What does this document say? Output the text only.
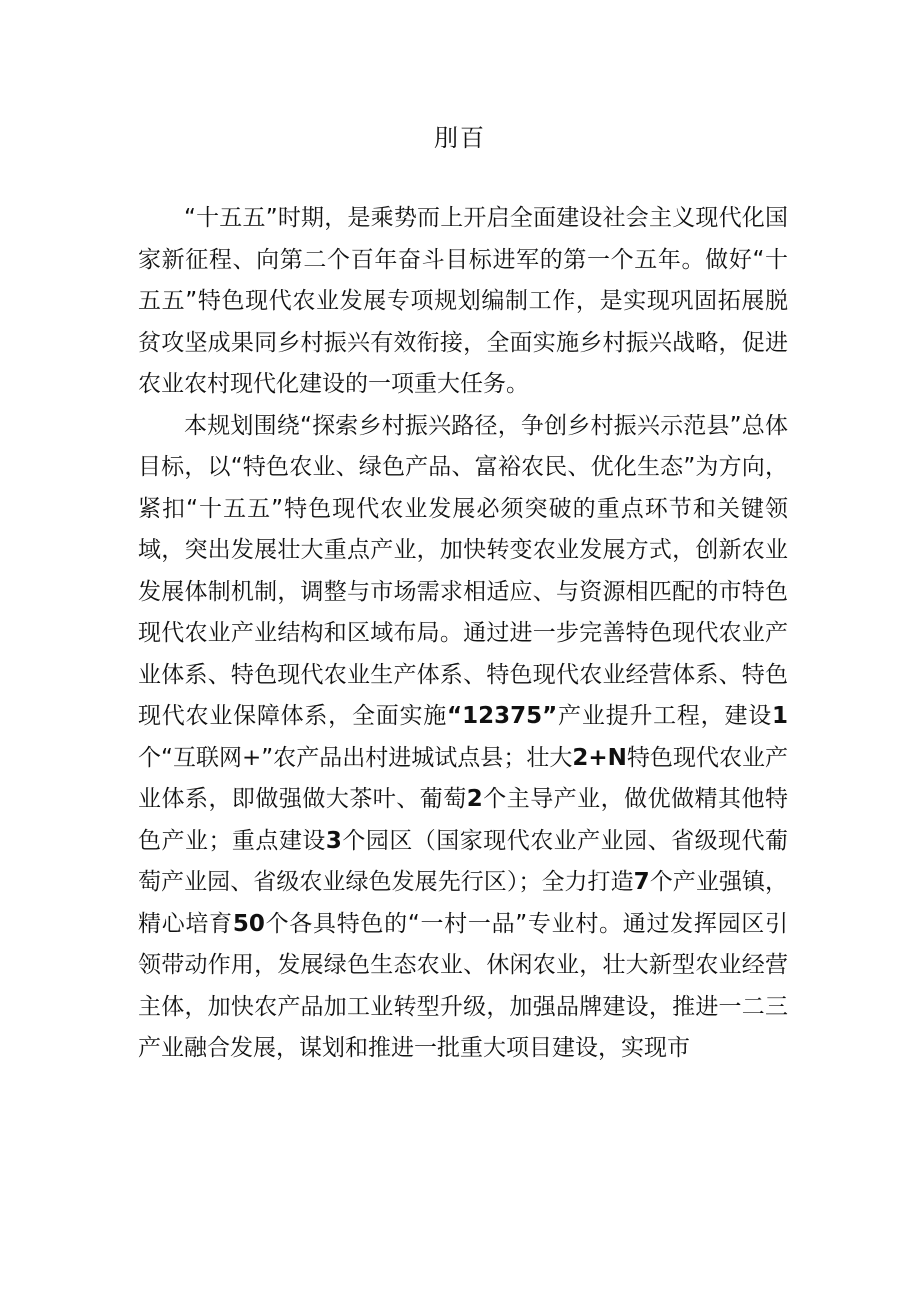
刖百

“十五五”时期，是乘势而上开启全面建设社会主义现代化国家新征程、向第二个百年奋斗目标进军的第一个五年。做好“十五五”特色现代农业发展专项规划编制工作，是实现巩固拓展脱贫攻坚成果同乡村振兴有效衔接，全面实施乡村振兴战略，促进农业农村现代化建设的一项重大任务。

本规划围绕“探索乡村振兴路径，争创乡村振兴示范县”总体目标，以“特色农业、绿色产品、富裕农民、优化生态”为方向，紧扣“十五五”特色现代农业发展必须突破的重点环节和关键领域，突出发展壮大重点产业，加快转变农业发展方式，创新农业发展体制机制，调整与市场需求相适应、与资源相匹配的市特色现代农业产业结构和区域布局。通过进一步完善特色现代农业产业体系、特色现代农业生产体系、特色现代农业经营体系、特色现代农业保障体系，全面实施“12375”产业提升工程，建设1个“互联网+”农产品出村进城试点县；壮大2+N特色现代农业产业体系，即做强做大茶叶、葡萄2个主导产业，做优做精其他特色产业；重点建设3个园区（国家现代农业产业园、省级现代葡萄产业园、省级农业绿色发展先行区）；全力打造7个产业强镇，精心培育50个各具特色的“一村一品”专业村。通过发挥园区引领带动作用，发展绿色生态农业、休闲农业，壮大新型农业经营主体，加快农产品加工业转型升级，加强品牌建设，推进一二三产业融合发展，谋划和推进一批重大项目建设，实现市
